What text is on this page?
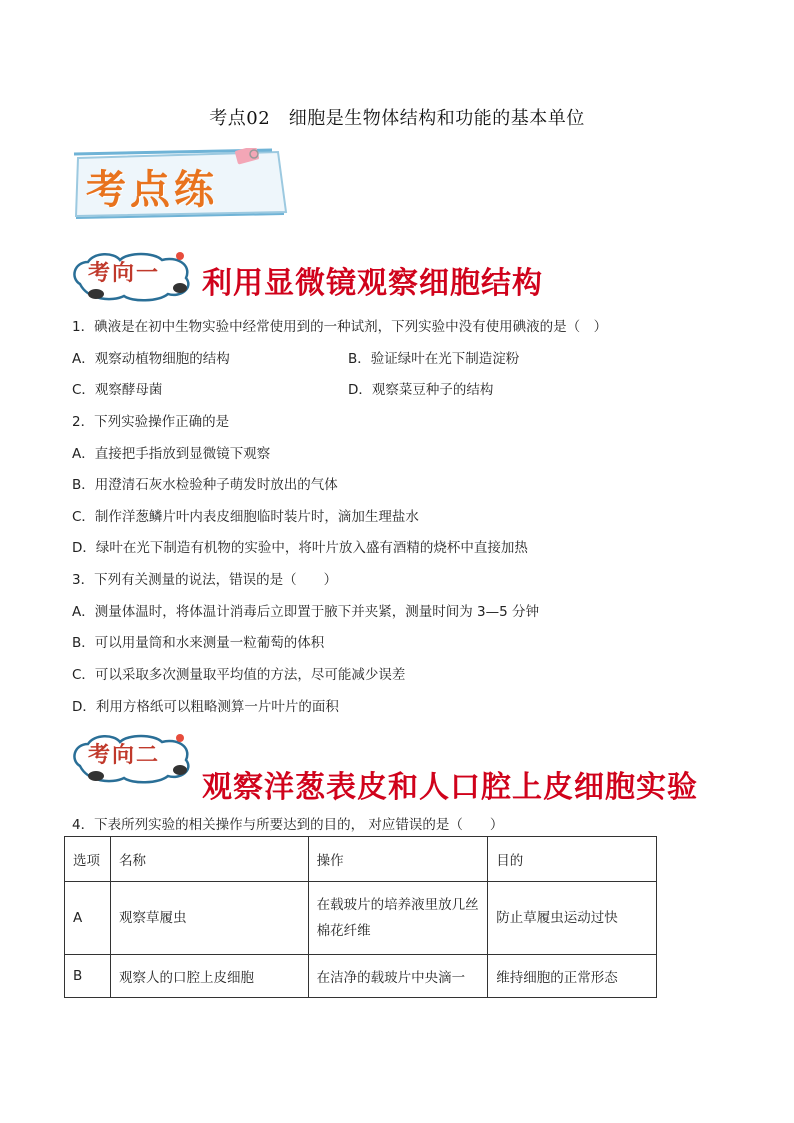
考点02　细胞是生物体结构和功能的基本单位
考点练
考向一 利用显微镜观察细胞结构
1．碘液是在初中生物实验中经常使用到的一种试剂，下列实验中没有使用碘液的是（　）
A．观察动植物细胞的结构	B．验证绿叶在光下制造淀粉
C．观察酵母菌	D．观察菜豆种子的结构
2．下列实验操作正确的是
A．直接把手指放到显微镜下观察
B．用澄清石灰水检验种子萌发时放出的气体
C．制作洋葱鳞片叶内表皮细胞临时装片时，滴加生理盐水
D．绿叶在光下制造有机物的实验中，将叶片放入盛有酒精的烧杯中直接加热
3．下列有关测量的说法，错误的是（　　）
A．测量体温时，将体温计消毒后立即置于腋下并夹紧，测量时间为 3—5 分钟
B．可以用量筒和水来测量一粒葡萄的体积
C．可以采取多次测量取平均值的方法，尽可能减少误差
D．利用方格纸可以粗略测算一片叶片的面积
考向二
观察洋葱表皮和人口腔上皮细胞实验
4．下表所列实验的相关操作与所要达到的目的， 对应错误的是（　　）
选项	名称	操作	目的
A	观察草履虫	在载玻片的培养液里放几丝棉花纤维	防止草履虫运动过快
B	观察人的口腔上皮细胞	在洁净的载玻片中央滴一	维持细胞的正常形态
